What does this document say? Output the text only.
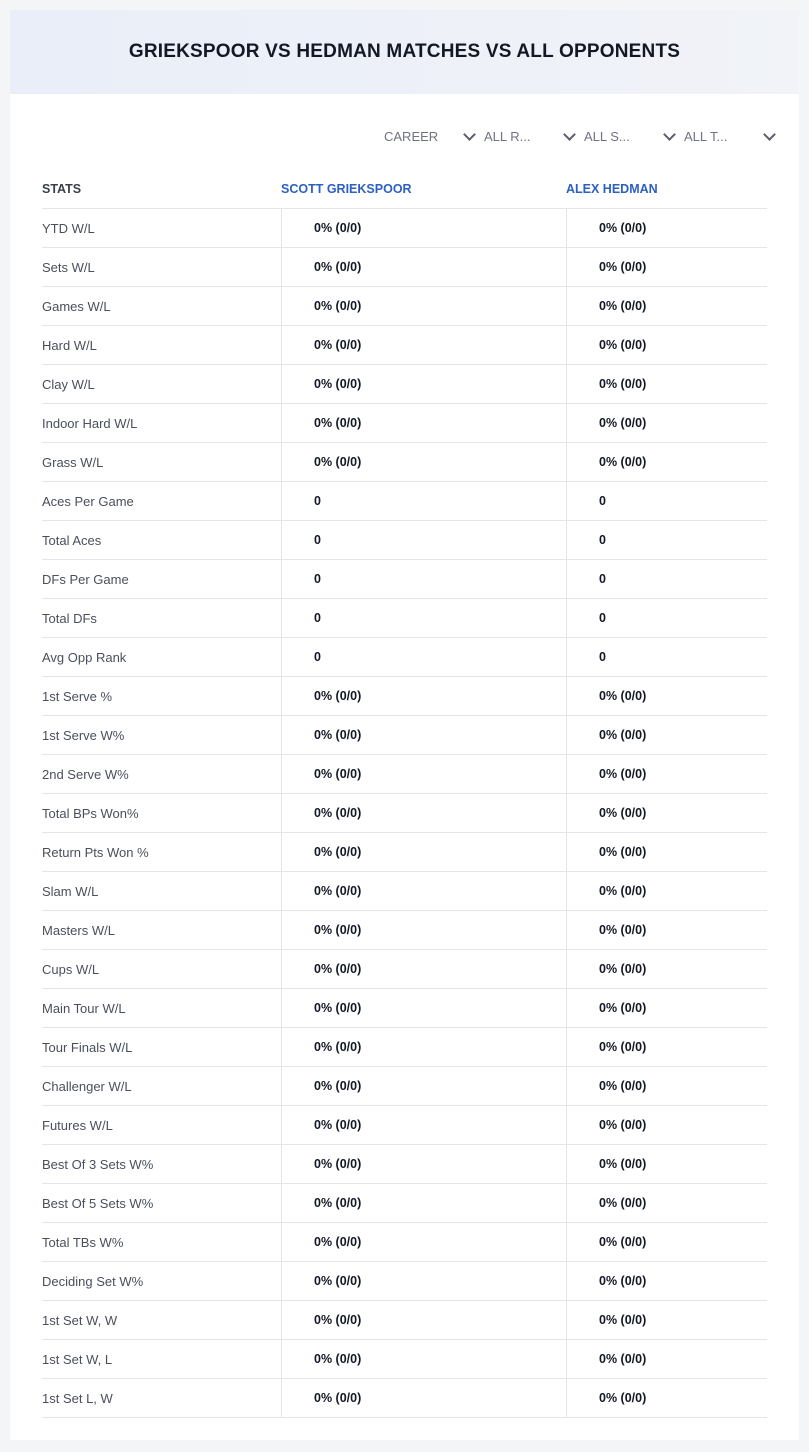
GRIEKSPOOR VS HEDMAN MATCHES VS ALL OPPONENTS
CAREER	ALL R...	ALL S...	ALL T...
STATS	SCOTT GRIEKSPOOR	ALEX HEDMAN
YTD W/L	0% (0/0)	0% (0/0)
Sets W/L	0% (0/0)	0% (0/0)
Games W/L	0% (0/0)	0% (0/0)
Hard W/L	0% (0/0)	0% (0/0)
Clay W/L	0% (0/0)	0% (0/0)
Indoor Hard W/L	0% (0/0)	0% (0/0)
Grass W/L	0% (0/0)	0% (0/0)
Aces Per Game	0	0
Total Aces	0	0
DFs Per Game	0	0
Total DFs	0	0
Avg Opp Rank	0	0
1st Serve %	0% (0/0)	0% (0/0)
1st Serve W%	0% (0/0)	0% (0/0)
2nd Serve W%	0% (0/0)	0% (0/0)
Total BPs Won%	0% (0/0)	0% (0/0)
Return Pts Won %	0% (0/0)	0% (0/0)
Slam W/L	0% (0/0)	0% (0/0)
Masters W/L	0% (0/0)	0% (0/0)
Cups W/L	0% (0/0)	0% (0/0)
Main Tour W/L	0% (0/0)	0% (0/0)
Tour Finals W/L	0% (0/0)	0% (0/0)
Challenger W/L	0% (0/0)	0% (0/0)
Futures W/L	0% (0/0)	0% (0/0)
Best Of 3 Sets W%	0% (0/0)	0% (0/0)
Best Of 5 Sets W%	0% (0/0)	0% (0/0)
Total TBs W%	0% (0/0)	0% (0/0)
Deciding Set W%	0% (0/0)	0% (0/0)
1st Set W, W	0% (0/0)	0% (0/0)
1st Set W, L	0% (0/0)	0% (0/0)
1st Set L, W	0% (0/0)	0% (0/0)
